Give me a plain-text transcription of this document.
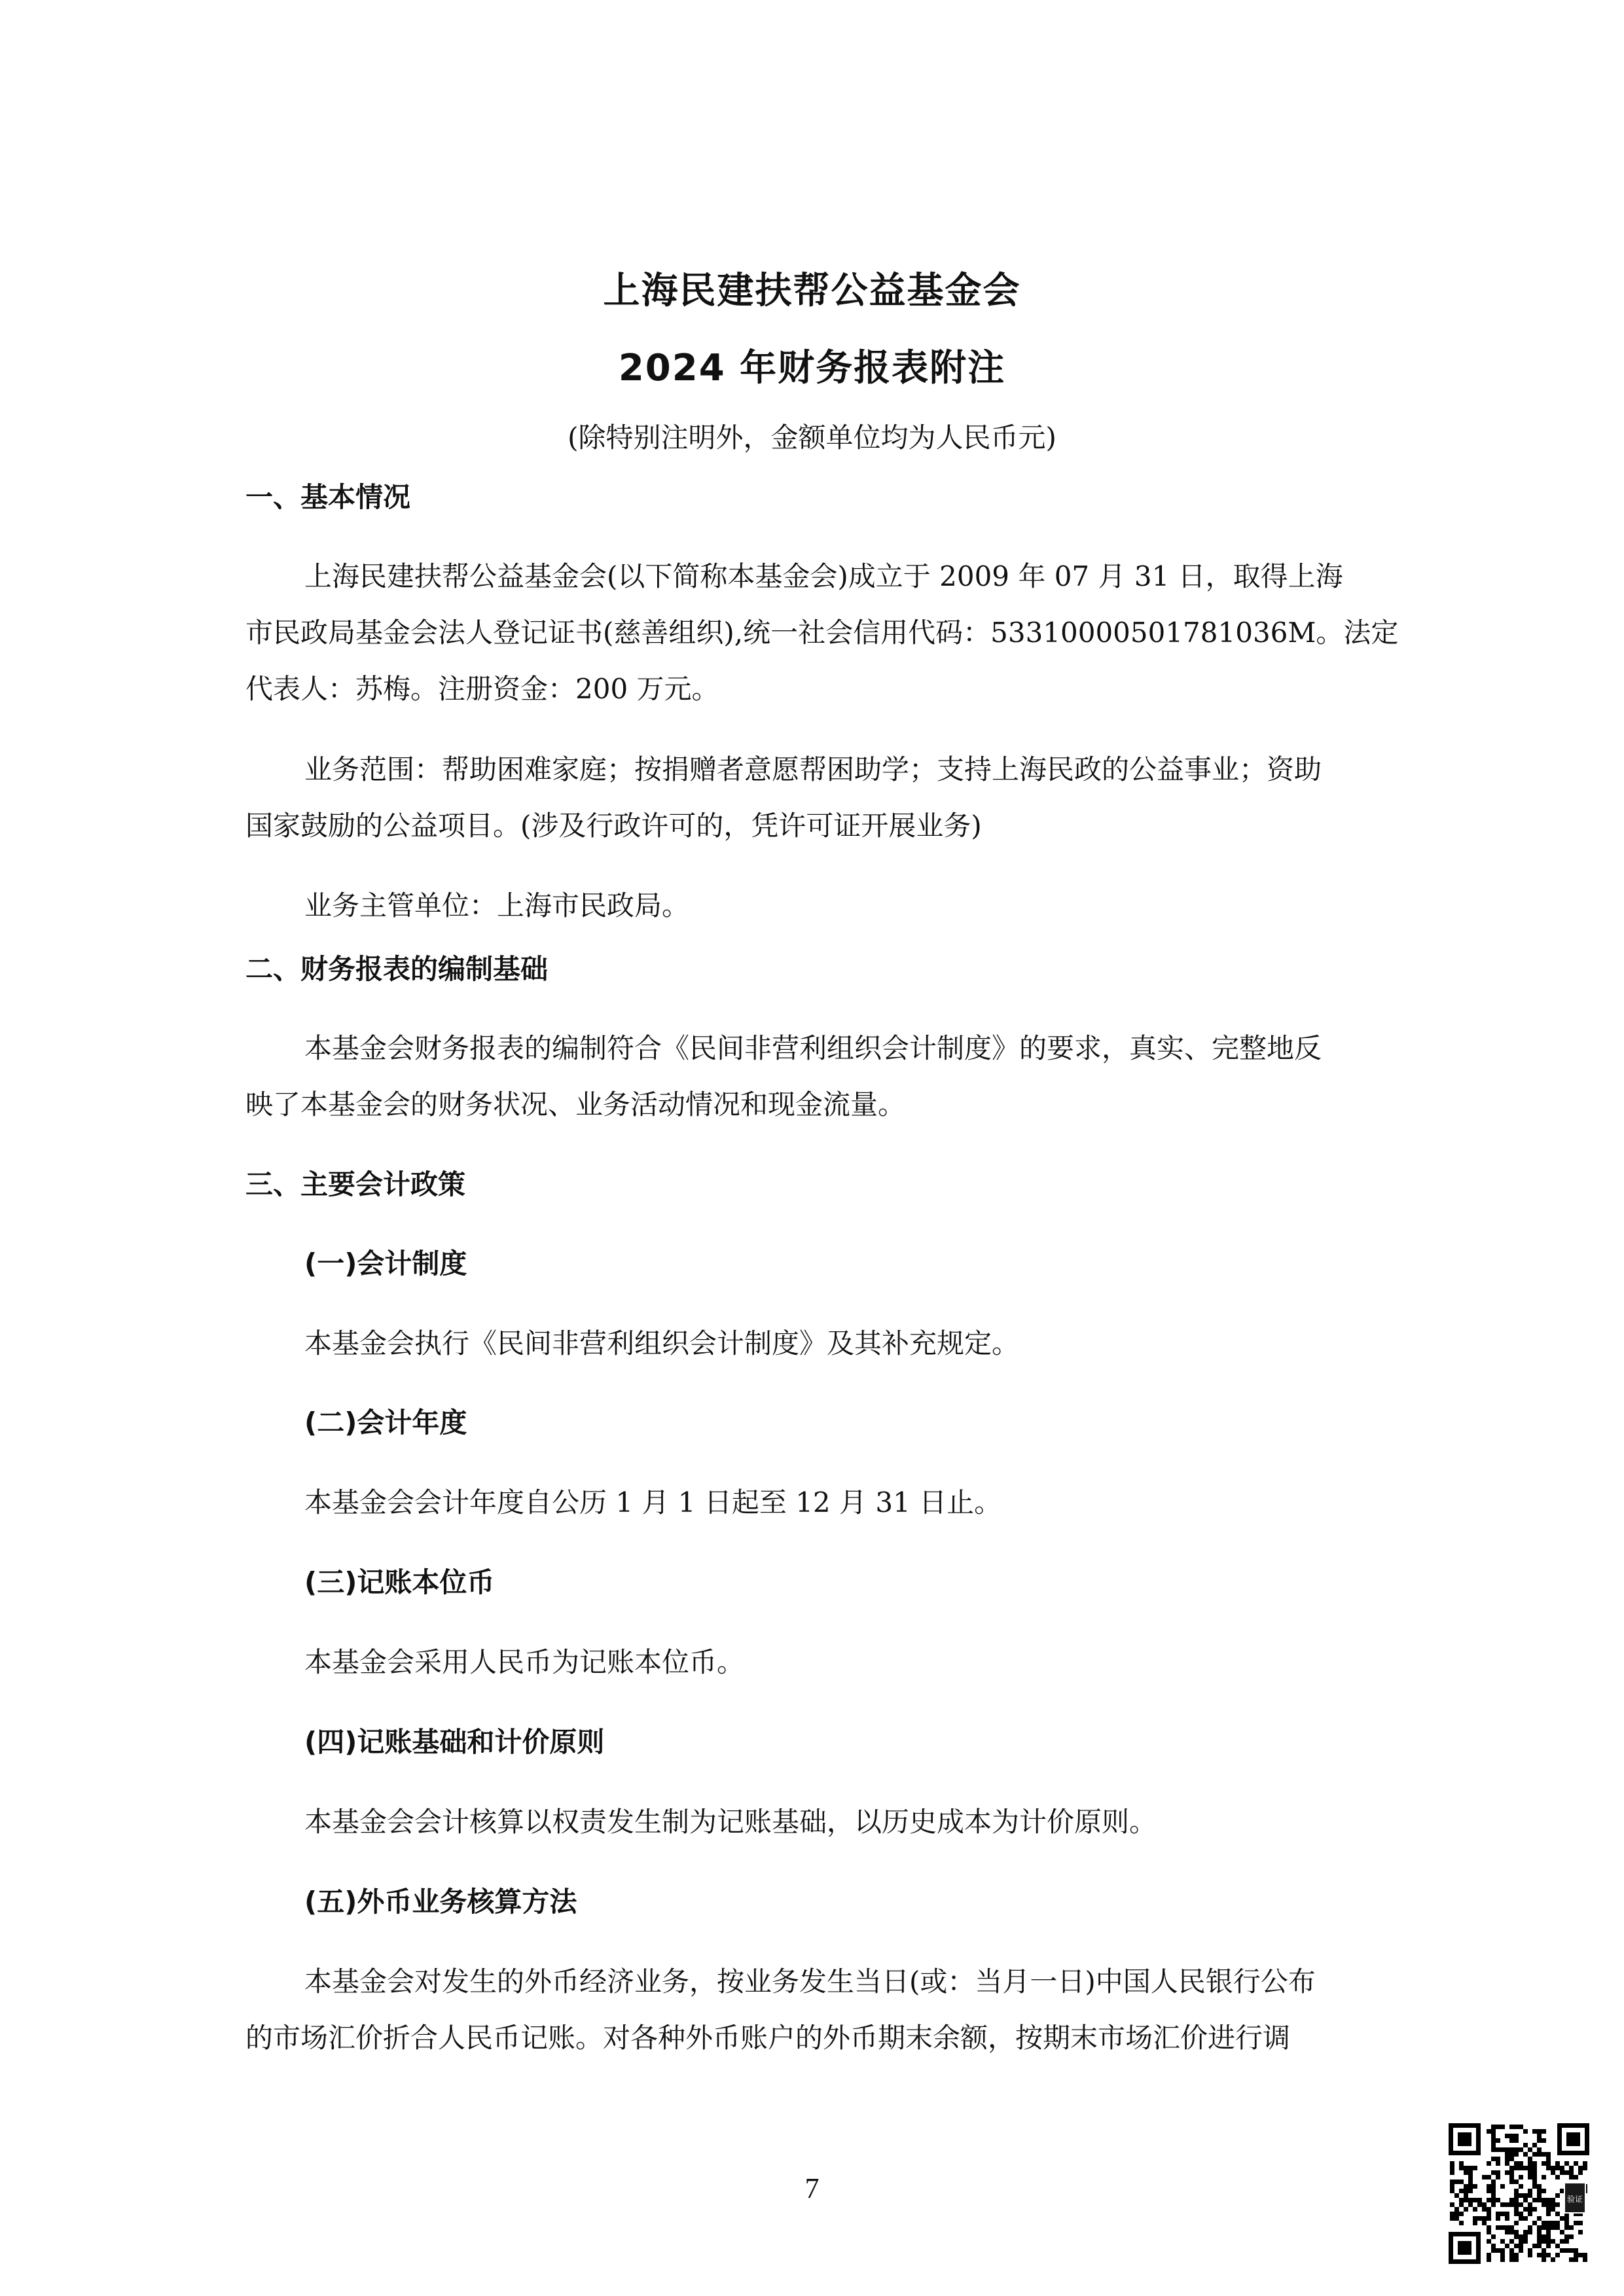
上海民建扶帮公益基金会
2024 年财务报表附注
(除特别注明外，金额单位均为人民币元)
一、基本情况
上海民建扶帮公益基金会(以下简称本基金会)成立于 2009 年 07 月 31 日，取得上海
市民政局基金会法人登记证书(慈善组织),统一社会信用代码：53310000501781036M。法定
代表人：苏梅。注册资金：200 万元。
业务范围：帮助困难家庭；按捐赠者意愿帮困助学；支持上海民政的公益事业；资助
国家鼓励的公益项目。(涉及行政许可的，凭许可证开展业务)
业务主管单位：上海市民政局。
二、财务报表的编制基础
本基金会财务报表的编制符合《民间非营利组织会计制度》的要求，真实、完整地反
映了本基金会的财务状况、业务活动情况和现金流量。
三、主要会计政策
(一)会计制度
本基金会执行《民间非营利组织会计制度》及其补充规定。
(二)会计年度
本基金会会计年度自公历 1 月 1 日起至 12 月 31 日止。
(三)记账本位币
本基金会采用人民币为记账本位币。
(四)记账基础和计价原则
本基金会会计核算以权责发生制为记账基础，以历史成本为计价原则。
(五)外币业务核算方法
本基金会对发生的外币经济业务，按业务发生当日(或：当月一日)中国人民银行公布
的市场汇价折合人民币记账。对各种外币账户的外币期末余额，按期末市场汇价进行调
7	验证
